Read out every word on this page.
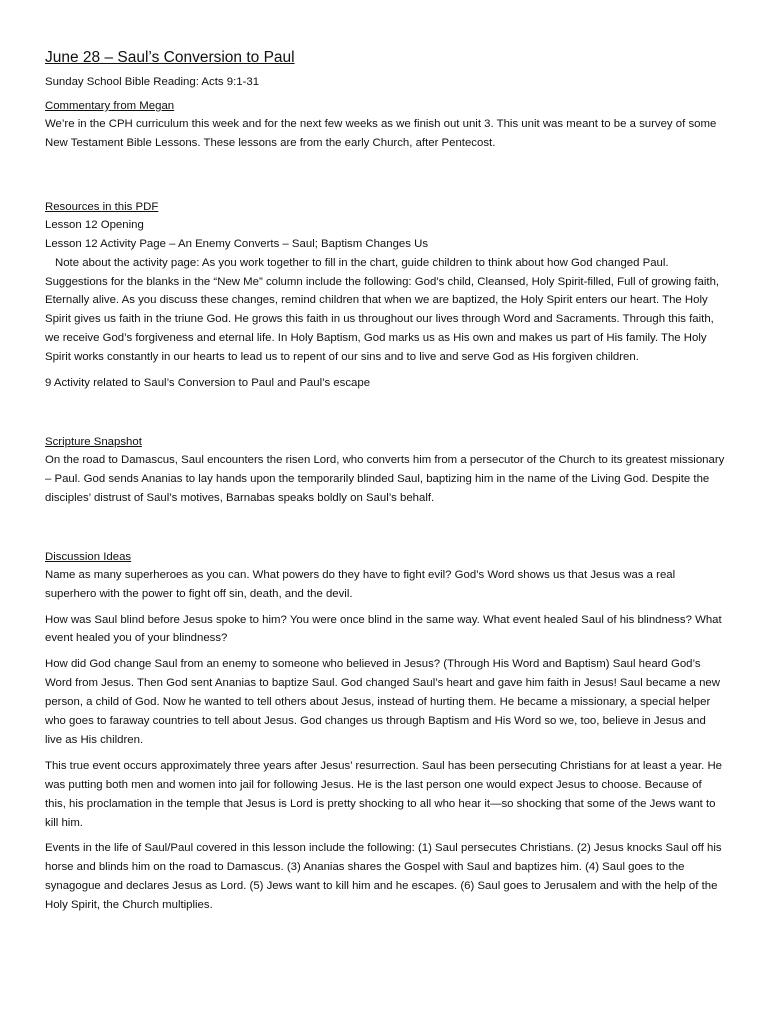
June 28 – Saul’s Conversion to Paul
Sunday School Bible Reading: Acts 9:1-31
Commentary from Megan
We’re in the CPH curriculum this week and for the next few weeks as we finish out unit 3. This unit was meant to be a survey of some New Testament Bible Lessons. These lessons are from the early Church, after Pentecost.
Resources in this PDF
Lesson 12 Opening
Lesson 12 Activity Page – An Enemy Converts – Saul; Baptism Changes Us
Note about the activity page: As you work together to fill in the chart, guide children to think about how God changed Paul. Suggestions for the blanks in the “New Me” column include the following: God’s child, Cleansed, Holy Spirit-filled, Full of growing faith, Eternally alive. As you discuss these changes, remind children that when we are baptized, the Holy Spirit enters our heart. The Holy Spirit gives us faith in the triune God. He grows this faith in us throughout our lives through Word and Sacraments. Through this faith, we receive God’s forgiveness and eternal life. In Holy Baptism, God marks us as His own and makes us part of His family. The Holy Spirit works constantly in our hearts to lead us to repent of our sins and to live and serve God as His forgiven children.
9 Activity related to Saul’s Conversion to Paul and Paul’s escape
Scripture Snapshot
On the road to Damascus, Saul encounters the risen Lord, who converts him from a persecutor of the Church to its greatest missionary – Paul. God sends Ananias to lay hands upon the temporarily blinded Saul, baptizing him in the name of the Living God. Despite the disciples’ distrust of Saul’s motives, Barnabas speaks boldly on Saul’s behalf.
Discussion Ideas
Name as many superheroes as you can. What powers do they have to fight evil? God’s Word shows us that Jesus was a real superhero with the power to fight off sin, death, and the devil.
How was Saul blind before Jesus spoke to him? You were once blind in the same way. What event healed Saul of his blindness? What event healed you of your blindness?
How did God change Saul from an enemy to someone who believed in Jesus? (Through His Word and Baptism) Saul heard God’s Word from Jesus. Then God sent Ananias to baptize Saul. God changed Saul’s heart and gave him faith in Jesus! Saul became a new person, a child of God. Now he wanted to tell others about Jesus, instead of hurting them. He became a missionary, a special helper who goes to faraway countries to tell about Jesus. God changes us through Baptism and His Word so we, too, believe in Jesus and live as His children.
This true event occurs approximately three years after Jesus’ resurrection. Saul has been persecuting Christians for at least a year. He was putting both men and women into jail for following Jesus. He is the last person one would expect Jesus to choose. Because of this, his proclamation in the temple that Jesus is Lord is pretty shocking to all who hear it—so shocking that some of the Jews want to kill him.
Events in the life of Saul/Paul covered in this lesson include the following: (1) Saul persecutes Christians. (2) Jesus knocks Saul off his horse and blinds him on the road to Damascus. (3) Ananias shares the Gospel with Saul and baptizes him. (4) Saul goes to the synagogue and declares Jesus as Lord. (5) Jews want to kill him and he escapes. (6) Saul goes to Jerusalem and with the help of the Holy Spirit, the Church multiplies.
